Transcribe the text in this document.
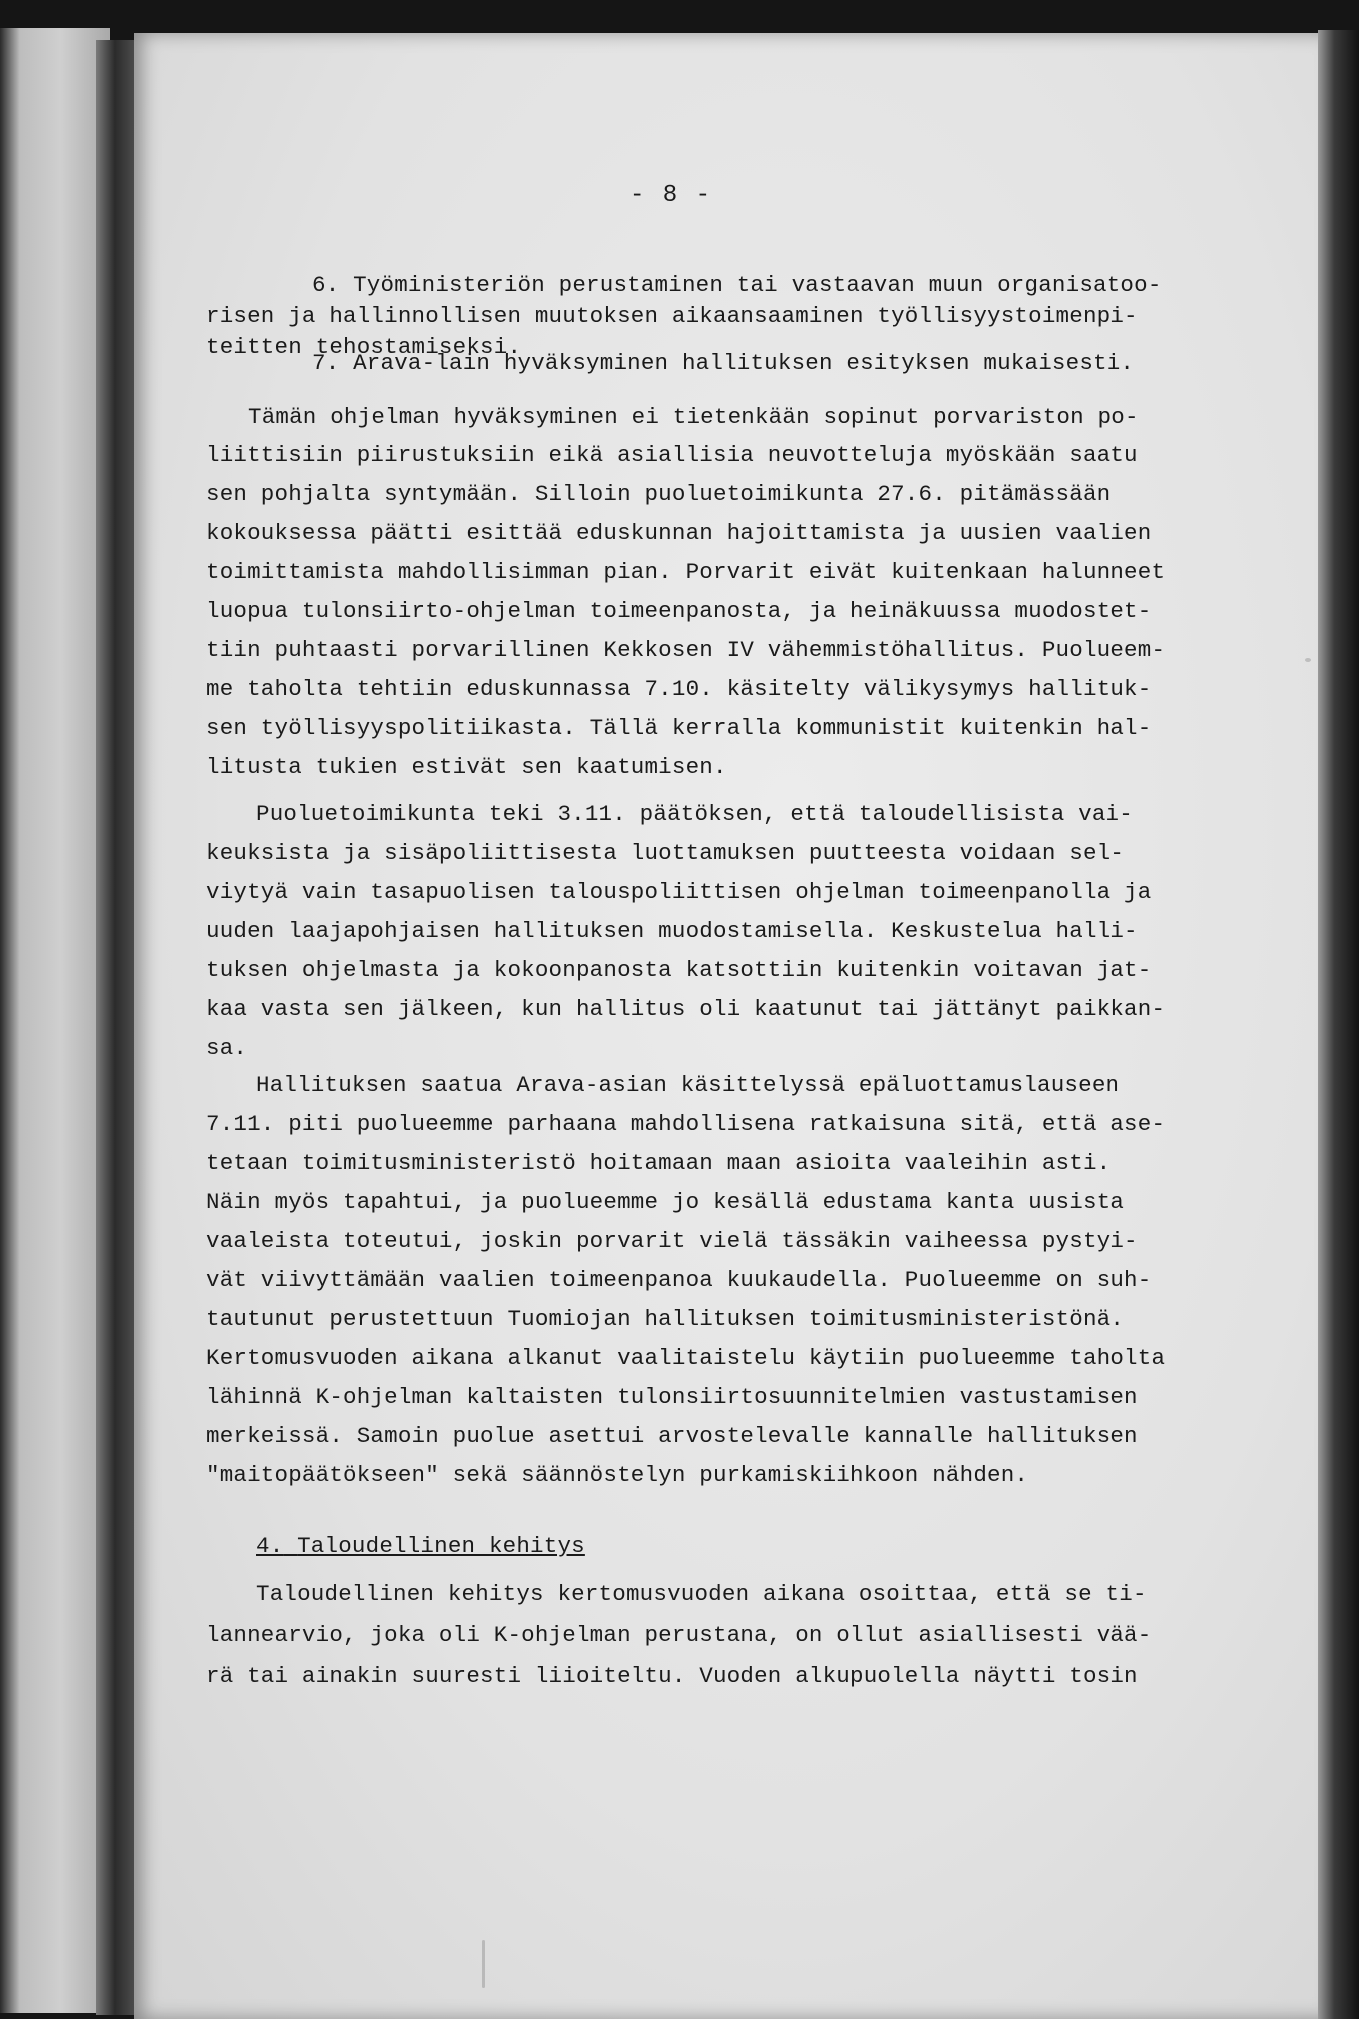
- 8 -
6. Työministeriön perustaminen tai vastaavan muun organisatoo-
risen ja hallinnollisen muutoksen aikaansaaminen työllisyystoimenpi-
teitten tehostamiseksi.
7. Arava-lain hyväksyminen hallituksen esityksen mukaisesti.
Tämän ohjelman hyväksyminen ei tietenkään sopinut porvariston po-
liittisiin piirustuksiin eikä asiallisia neuvotteluja myöskään saatu
sen pohjalta syntymään. Silloin puoluetoimikunta 27.6. pitämässään
kokouksessa päätti esittää eduskunnan hajoittamista ja uusien vaalien
toimittamista mahdollisimman pian. Porvarit eivät kuitenkaan halunneet
luopua tulonsiirto-ohjelman toimeenpanosta, ja heinäkuussa muodostet-
tiin puhtaasti porvarillinen Kekkosen IV vähemmistöhallitus. Puolueem-
me taholta tehtiin eduskunnassa 7.10. käsitelty välikysymys hallituk-
sen työllisyyspolitiikasta. Tällä kerralla kommunistit kuitenkin hal-
litusta tukien estivät sen kaatumisen.
Puoluetoimikunta teki 3.11. päätöksen, että taloudellisista vai-
keuksista ja sisäpoliittisesta luottamuksen puutteesta voidaan sel-
viytyä vain tasapuolisen talouspoliittisen ohjelman toimeenpanolla ja
uuden laajapohjaisen hallituksen muodostamisella. Keskustelua halli-
tuksen ohjelmasta ja kokoonpanosta katsottiin kuitenkin voitavan jat-
kaa vasta sen jälkeen, kun hallitus oli kaatunut tai jättänyt paikkan-
sa.
Hallituksen saatua Arava-asian käsittelyssä epäluottamuslauseen
7.11. piti puolueemme parhaana mahdollisena ratkaisuna sitä, että ase-
tetaan toimitusministeristö hoitamaan maan asioita vaaleihin asti.
Näin myös tapahtui, ja puolueemme jo kesällä edustama kanta uusista
vaaleista toteutui, joskin porvarit vielä tässäkin vaiheessa pystyi-
vät viivyttämään vaalien toimeenpanoa kuukaudella. Puolueemme on suh-
tautunut perustettuun Tuomiojan hallituksen toimitusministeristönä.
Kertomusvuoden aikana alkanut vaalitaistelu käytiin puolueemme taholta
lähinnä K-ohjelman kaltaisten tulonsiirtosuunnitelmien vastustamisen
merkeissä. Samoin puolue asettui arvostelevalle kannalle hallituksen
"maitopäätökseen" sekä säännöstelyn purkamiskiihkoon nähden.
4. Taloudellinen kehitys
Taloudellinen kehitys kertomusvuoden aikana osoittaa, että se ti-
lannearvio, joka oli K-ohjelman perustana, on ollut asiallisesti vää-
rä tai ainakin suuresti liioiteltu. Vuoden alkupuolella näytti tosin
